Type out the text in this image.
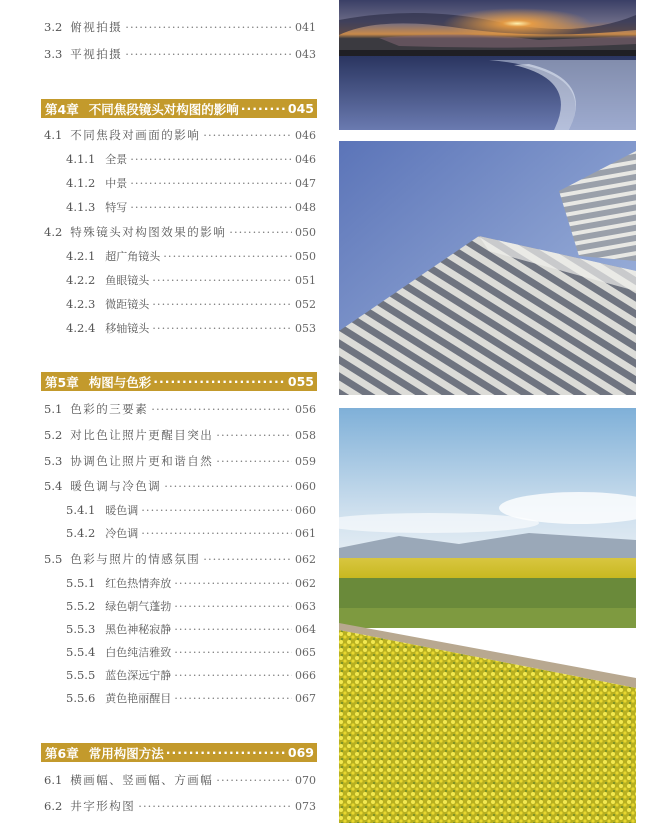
3.2 俯视拍摄 ·····	041
3.3 平视拍摄 ·····	043
第4章 不同焦段镜头对构图的影响 ·····	045
4.1 不同焦段对画面的影响 ·····	046
4.1.1 全景 ·····	046
4.1.2 中景 ·····	047
4.1.3 特写 ·····	048
4.2 特殊镜头对构图效果的影响 ·····	050
4.2.1 超广角镜头 ·····	050
4.2.2 鱼眼镜头 ·····	051
4.2.3 微距镜头 ·····	052
4.2.4 移轴镜头 ·····	053
第5章 构图与色彩 ·····	055
5.1 色彩的三要素 ·····	056
5.2 对比色让照片更醒目突出 ·····	058
5.3 协调色让照片更和谐自然 ·····	059
5.4 暖色调与冷色调 ·····	060
5.4.1 暖色调 ·····	060
5.4.2 冷色调 ·····	061
5.5 色彩与照片的情感氛围 ·····	062
5.5.1 红色热情奔放 ·····	062
5.5.2 绿色朝气蓬勃 ·····	063
5.5.3 黑色神秘寂静 ·····	064
5.5.4 白色纯洁雅致 ·····	065
5.5.5 蓝色深远宁静 ·····	066
5.5.6 黄色艳丽醒目 ·····	067
第6章 常用构图方法 ·····	069
6.1 横画幅、竖画幅、方画幅 ·····	070
6.2 井字形构图 ·····	073
